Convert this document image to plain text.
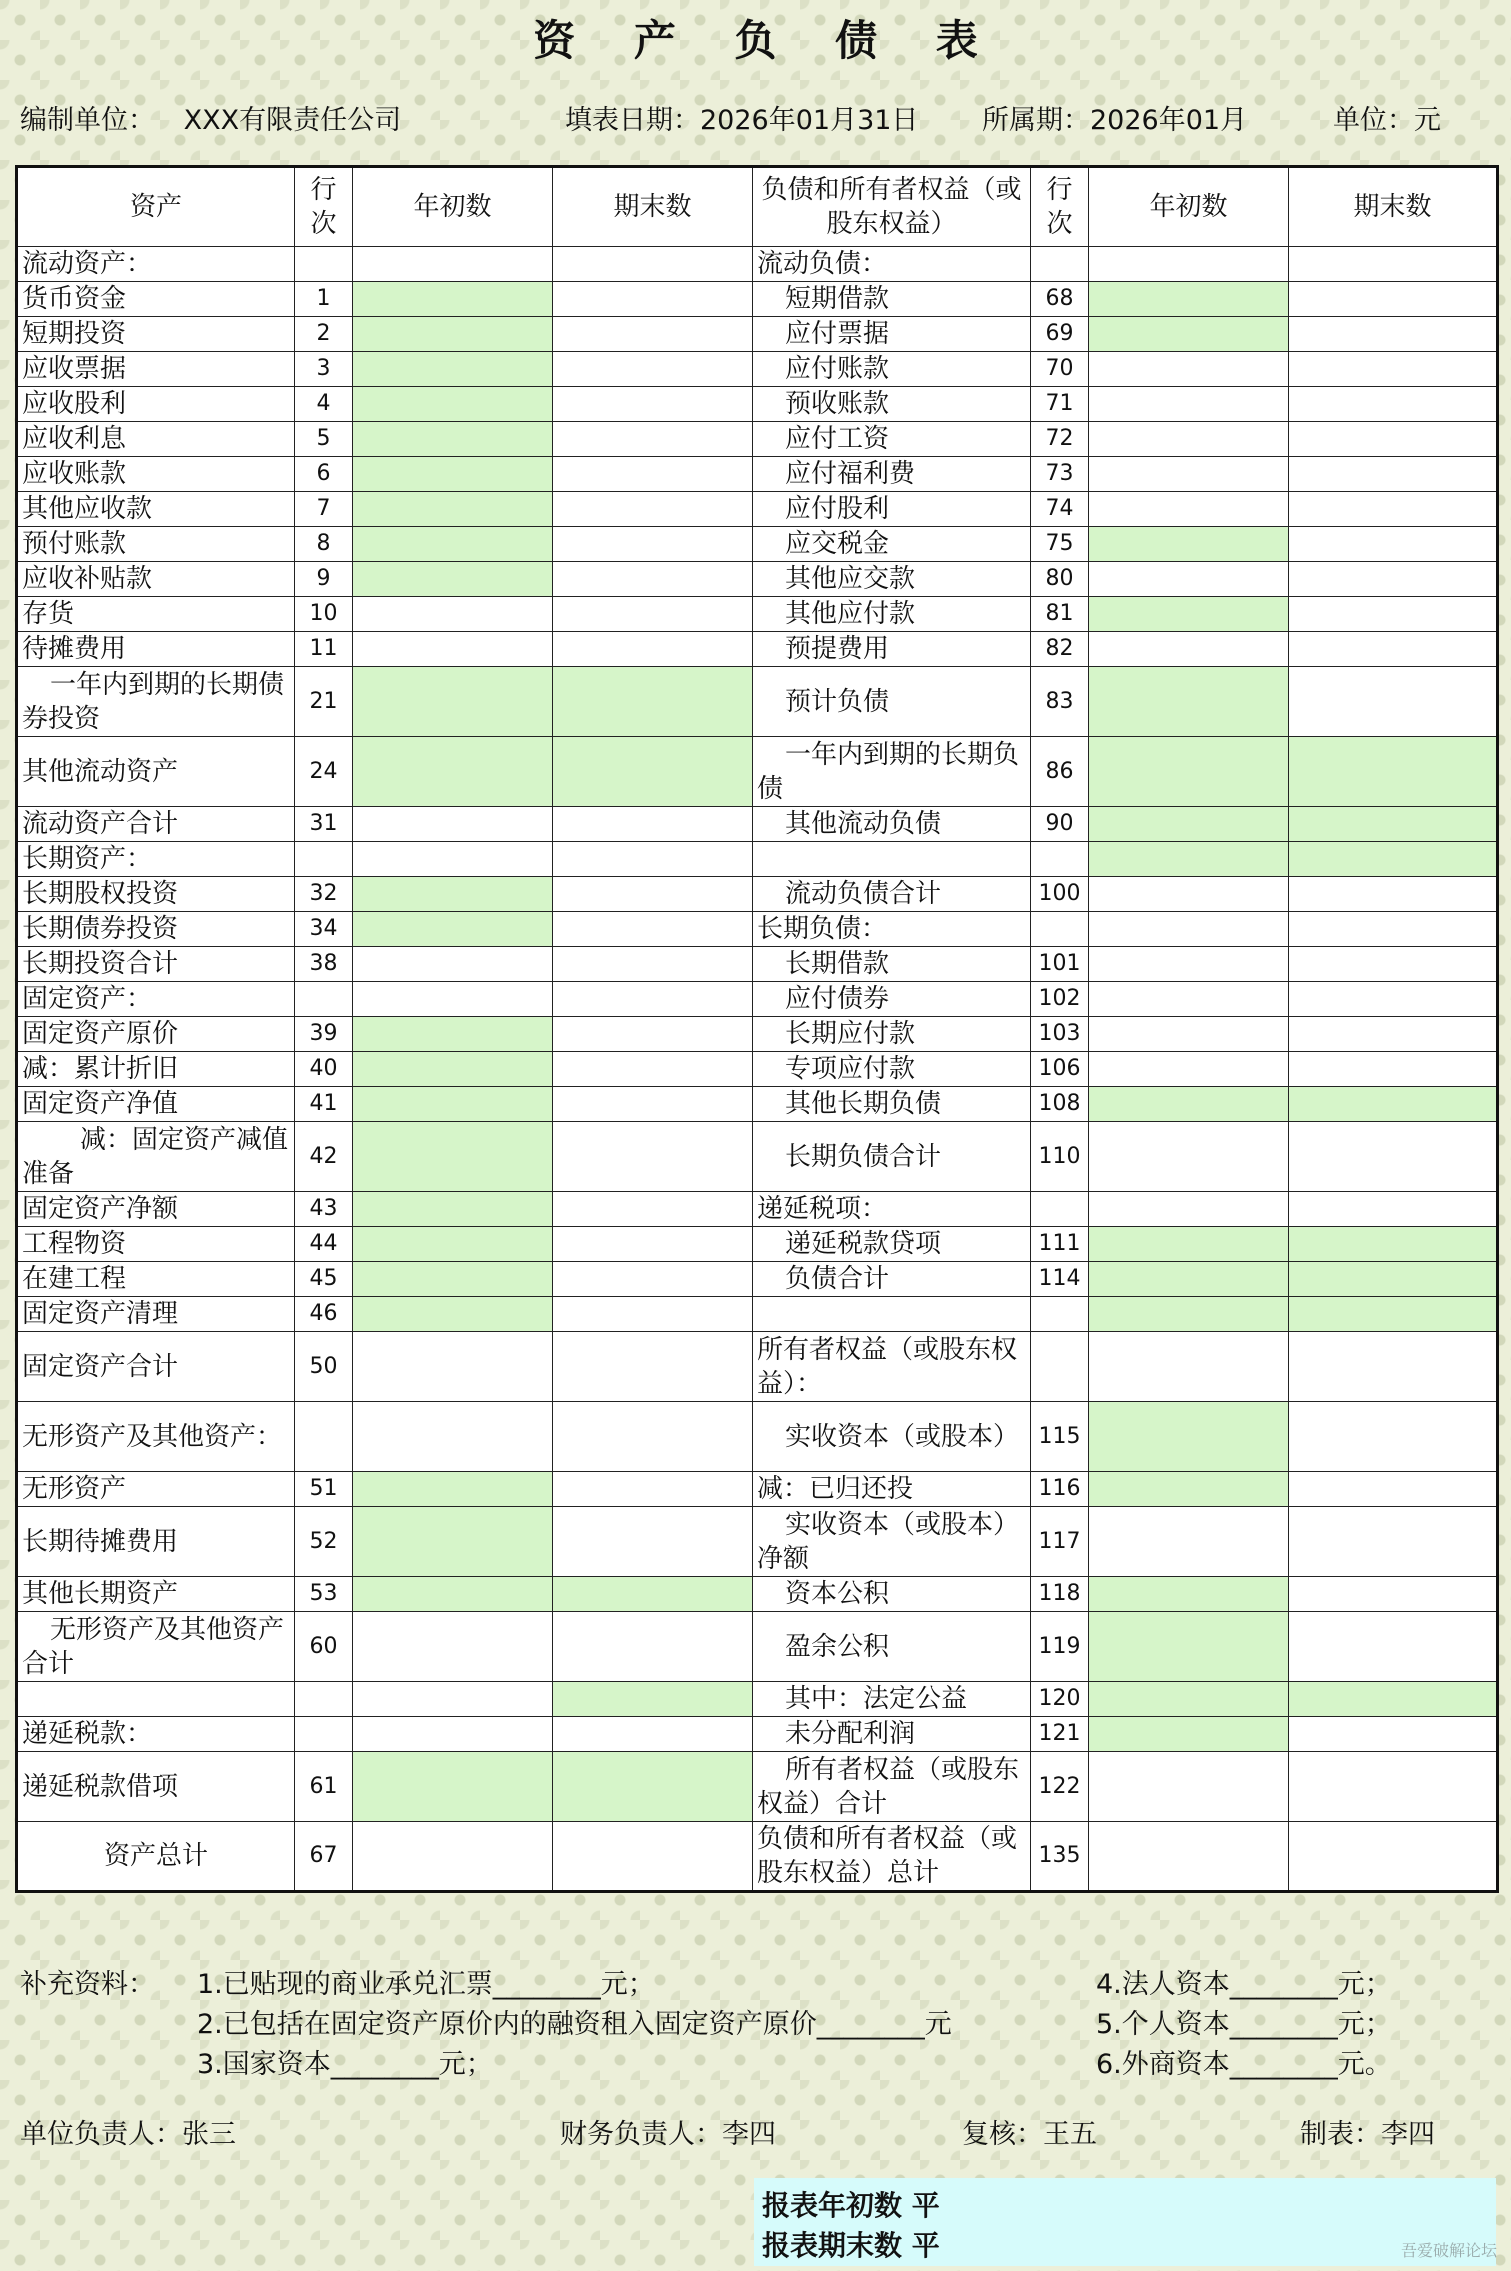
资 产 负 债 表
编制单位： XXX有限责任公司	填表日期：2026年01月31日 所属期：2026年01月	单位：元
资产	行次	年初数	期末数	负债和所有者权益（或股东权益）	行次	年初数	期末数
流动资产：				流动负债：			
货币资金	1			短期借款	68		
短期投资	2			应付票据	69		
应收票据	3			应付账款	70		
应收股利	4			预收账款	71		
应收利息	5			应付工资	72		
应收账款	6			应付福利费	73		
其他应收款	7			应付股利	74		
预付账款	8			应交税金	75		
应收补贴款	9			其他应交款	80		
存货	10			其他应付款	81		
待摊费用	11			预提费用	82		
一年内到期的长期债券投资	21			预计负债	83		
其他流动资产	24			一年内到期的长期负债	86		
流动资产合计	31			其他流动负债	90		
长期资产：							
长期股权投资	32			流动负债合计	100		
长期债券投资	34			长期负债：			
长期投资合计	38			长期借款	101		
固定资产：				应付债券	102		
固定资产原价	39			长期应付款	103		
减：累计折旧	40			专项应付款	106		
固定资产净值	41			其他长期负债	108		
减：固定资产减值准备	42			长期负债合计	110		
固定资产净额	43			递延税项：			
工程物资	44			递延税款贷项	111		
在建工程	45			负债合计	114		
固定资产清理	46						
固定资产合计	50			所有者权益（或股东权益）：			
无形资产及其他资产：				实收资本（或股本）	115		
无形资产	51			减：已归还投	116		
长期待摊费用	52			实收资本（或股本）净额	117		
其他长期资产	53			资本公积	118		
无形资产及其他资产合计	60			盈余公积	119		
				其中：法定公益	120		
递延税款：				未分配利润	121		
递延税款借项	61			所有者权益（或股东权益）合计	122		
资产总计	67			负债和所有者权益（或股东权益）总计	135		
补充资料： 1.已贴现的商业承兑汇票________元；
2.已包括在固定资产原价内的融资租入固定资产原价________元
3.国家资本________元；
4.法人资本________元；
5.个人资本________元；
6.外商资本________元。
单位负责人：张三	财务负责人：李四	复核：王五	制表：李四
报表年初数 平
报表期末数 平	吾爱破解论坛
